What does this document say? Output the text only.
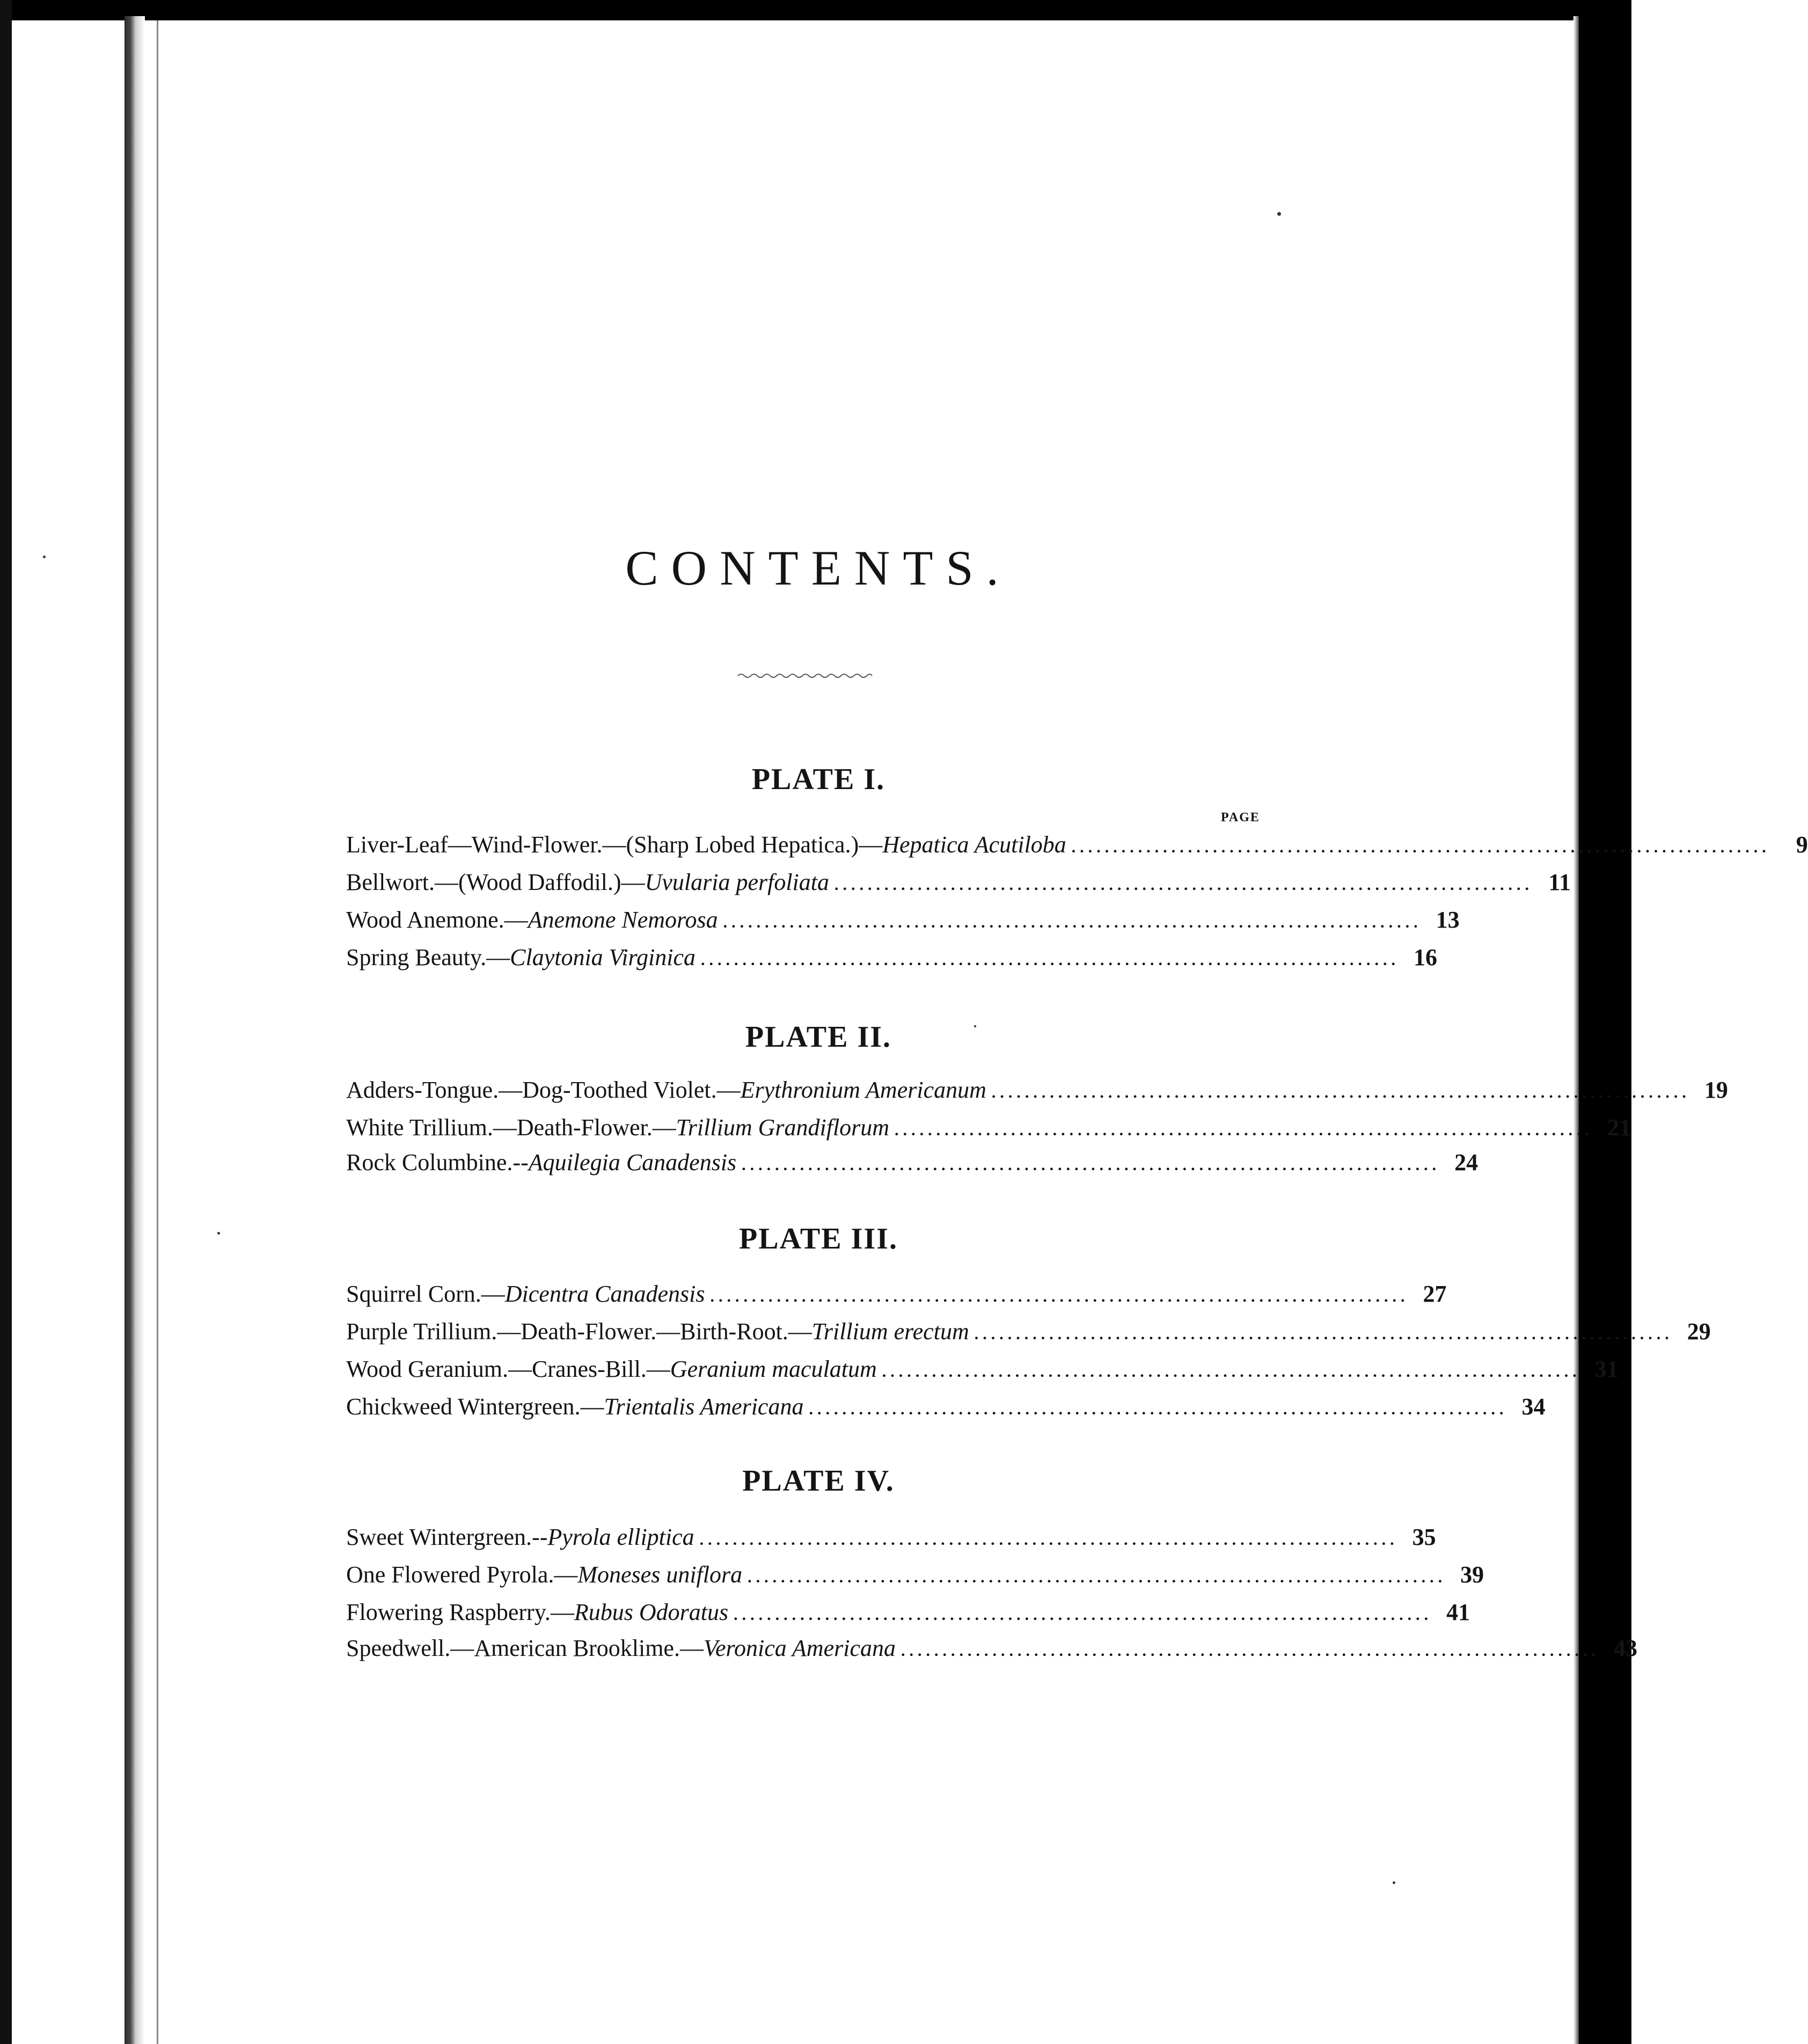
CONTENTS.
PAGE
PLATE I.
Liver-Leaf—Wind-Flower.—(Sharp Lobed Hepatica.)— Hepatica Acutiloba ....................................................................................	9
Bellwort.—(Wood Daffodil.)— Uvularia perfoliata .................................................................................... 11
Wood Anemone.— Anemone Nemorosa .................................................................................... 13
Spring Beauty.— Claytonia Virginica .................................................................................... 16
PLATE II.
Adders-Tongue.—Dog-Toothed Violet.— Erythronium Americanum .................................................................................... 19
White Trillium.—Death-Flower.— Trillium Grandiflorum .................................................................................... 21
Rock Columbine.-- Aquilegia Canadensis .................................................................................... 24
PLATE III.
Squirrel Corn.— Dicentra Canadensis .................................................................................... 27
Purple Trillium.—Death-Flower.—Birth-Root.— Trillium erectum .................................................................................... 29
Wood Geranium.—Cranes-Bill.— Geranium maculatum .................................................................................... 31
Chickweed Wintergreen.— Trientalis Americana .................................................................................... 34
PLATE IV.
Sweet Wintergreen.-- Pyrola elliptica .................................................................................... 35
One Flowered Pyrola.— Moneses uniflora .................................................................................... 39
Flowering Raspberry.— Rubus Odoratus .................................................................................... 41
Speedwell.—American Brooklime.— Veronica Americana .................................................................................... 43
